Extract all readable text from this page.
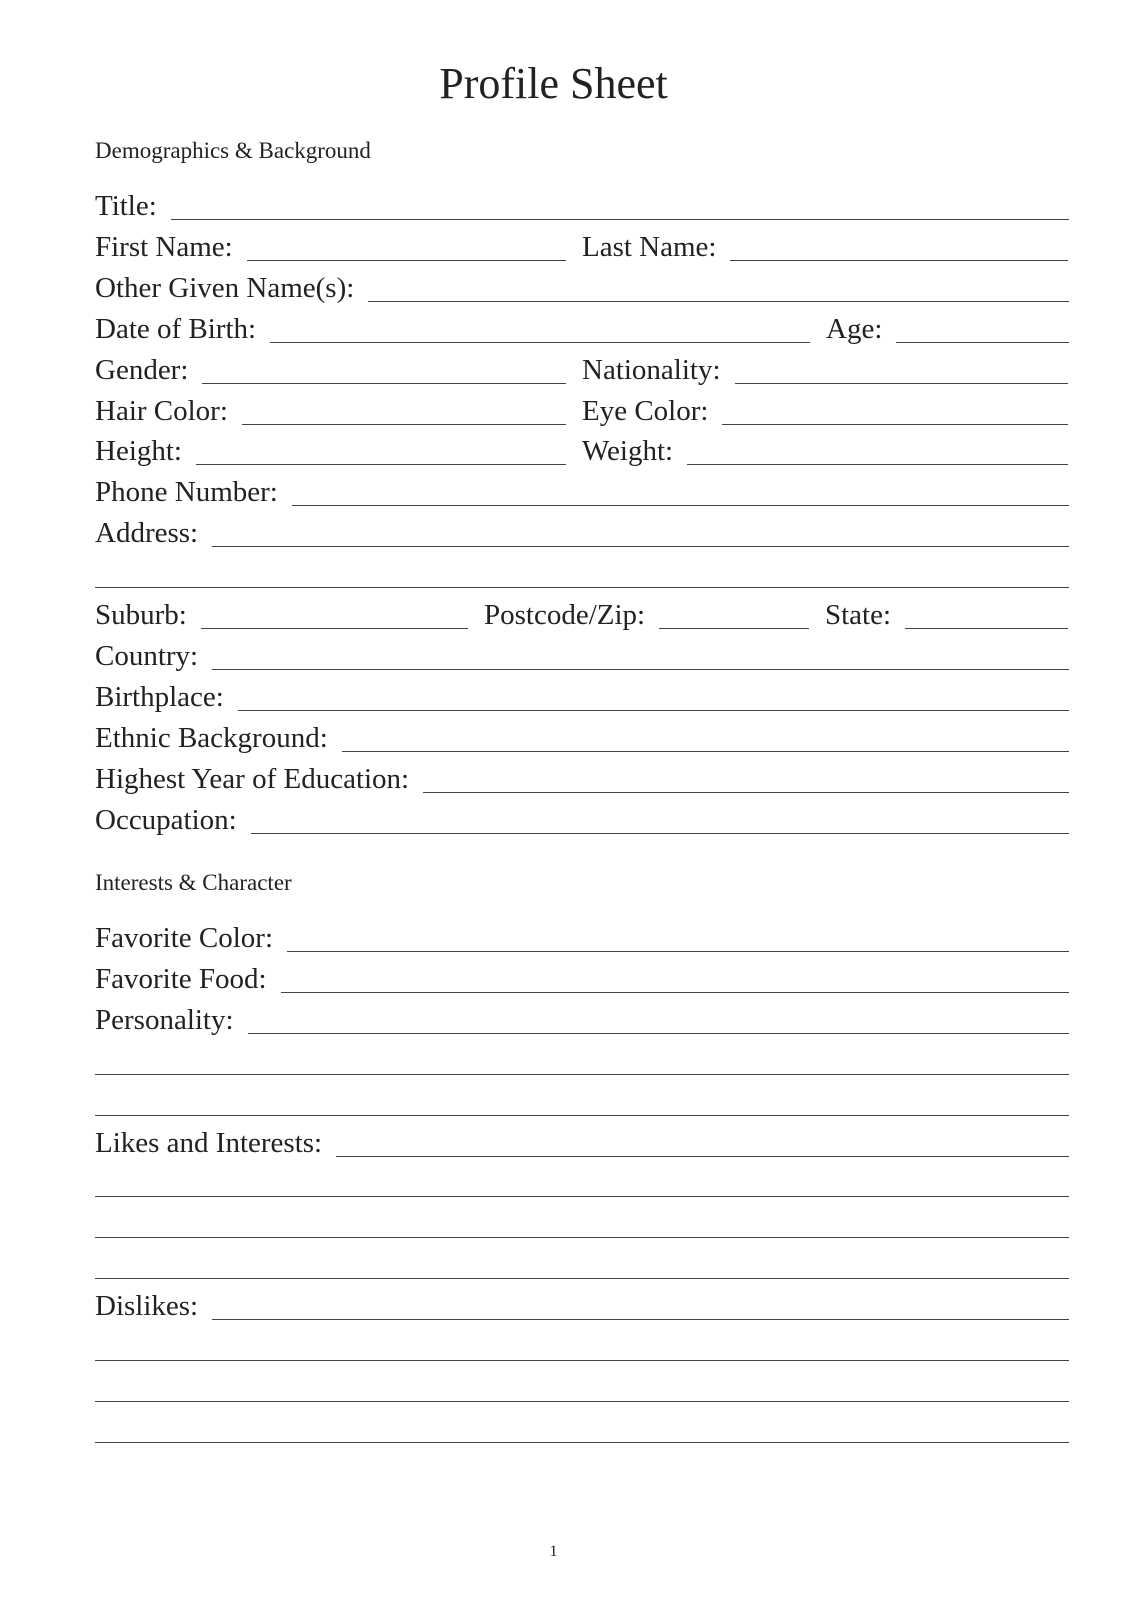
Profile Sheet
Demographics & Background
Title:
First Name:	Last Name:
Other Given Name(s):
Date of Birth:	Age:
Gender:	Nationality:
Hair Color:	Eye Color:
Height:	Weight:
Phone Number:
Address:
Suburb:	Postcode/Zip:	State:
Country:
Birthplace:
Ethnic Background:
Highest Year of Education:
Occupation:
Interests & Character
Favorite Color:
Favorite Food:
Personality:
Likes and Interests:
Dislikes:
1
